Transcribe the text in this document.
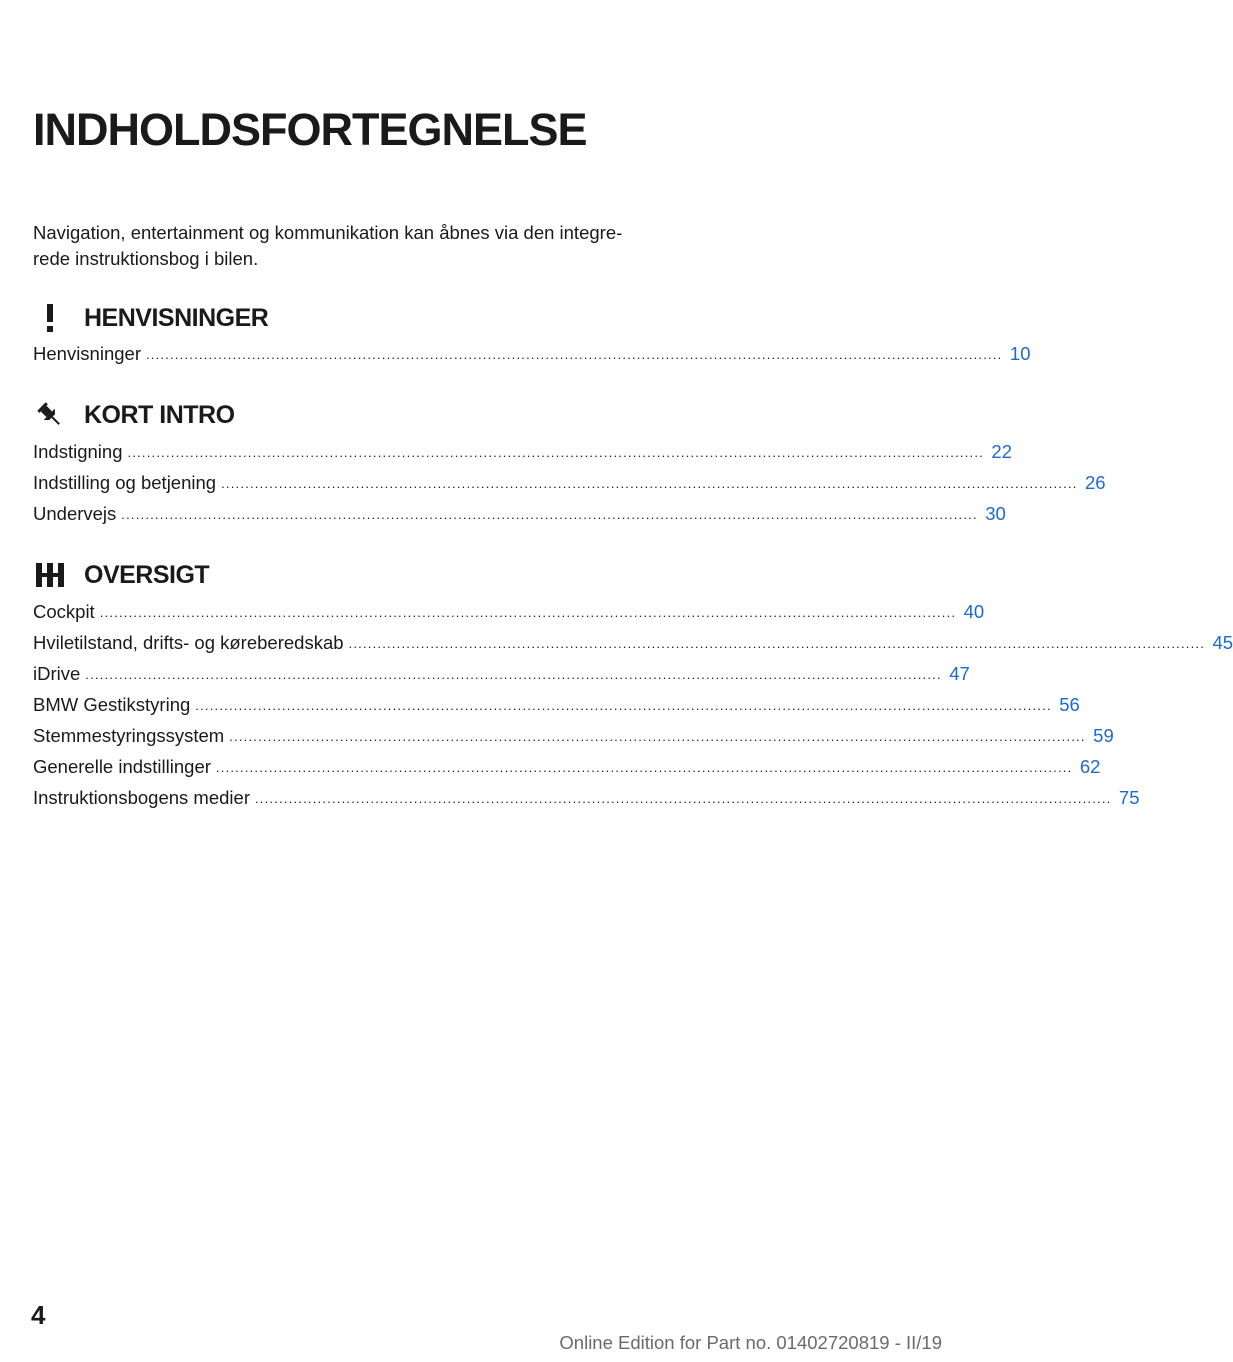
INDHOLDSFORTEGNELSE
Navigation, entertainment og kommunikation kan åbnes via den integre‐
rede instruktionsbog i bilen.
HENVISNINGER
Henvisninger .................................................................................................................................................................................. 10
KORT INTRO
Indstigning .................................................................................................................................................................................. 22
Indstilling og betjening .................................................................................................................................................................................. 26
Undervejs .................................................................................................................................................................................. 30
OVERSIGT
Cockpit .................................................................................................................................................................................. 40
Hviletilstand, drifts- og køreberedskab .................................................................................................................................................................................. 45
iDrive .................................................................................................................................................................................. 47
BMW Gestikstyring .................................................................................................................................................................................. 56
Stemmestyringssystem .................................................................................................................................................................................. 59
Generelle indstillinger .................................................................................................................................................................................. 62
Instruktionsbogens medier .................................................................................................................................................................................. 75
4
Online Edition for Part no. 01402720819 - II/19
